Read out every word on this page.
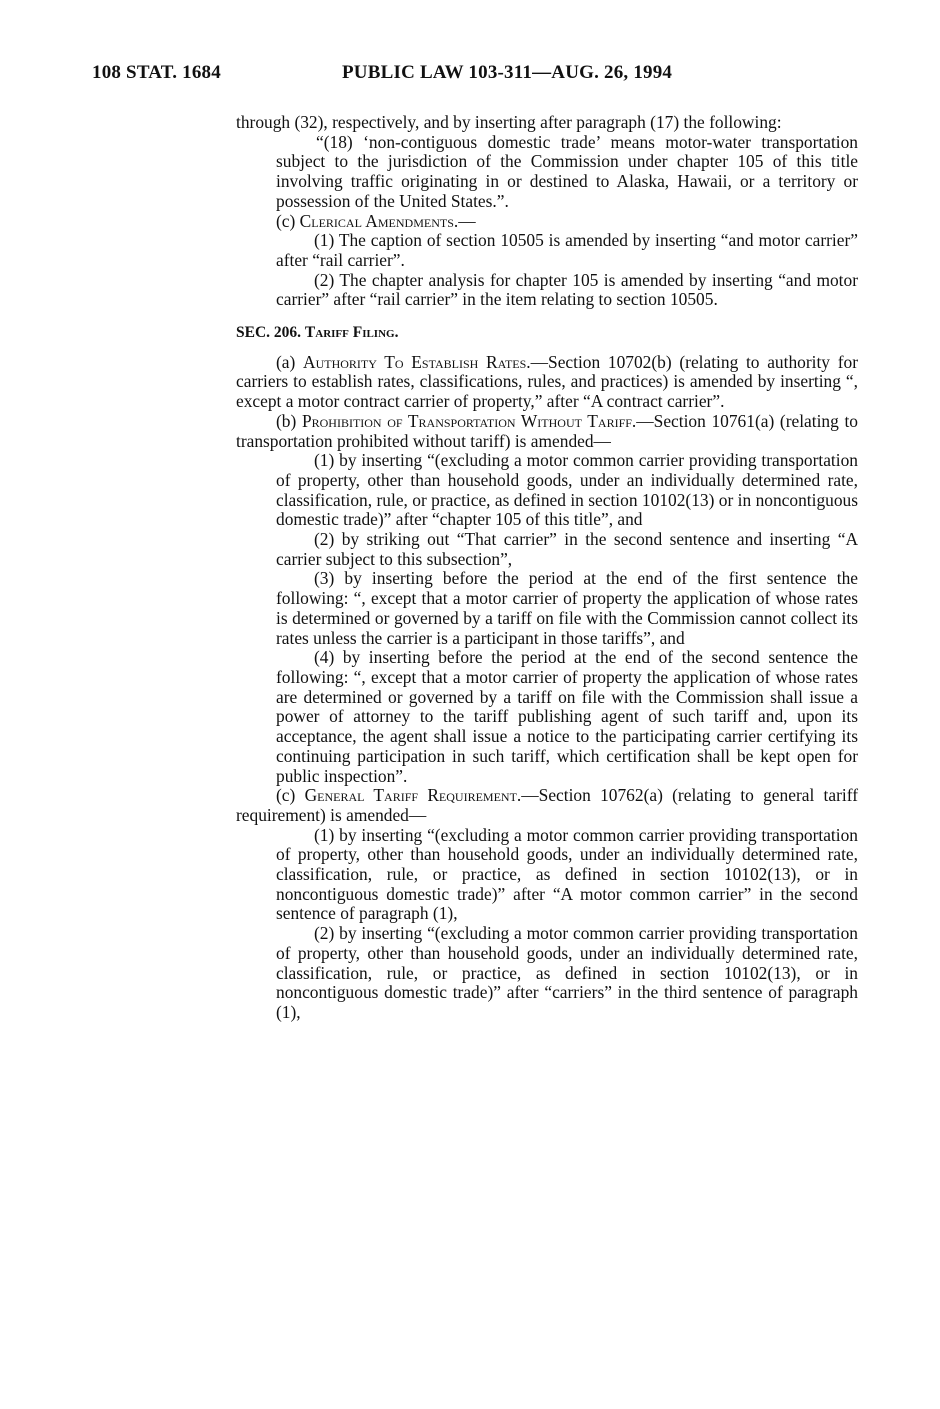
108 STAT. 1684	PUBLIC LAW 103-311—AUG. 26, 1994

through (32), respectively, and by inserting after paragraph (17) the following:

“(18) ‘non-contiguous domestic trade’ means motor-water transportation subject to the jurisdiction of the Commission under chapter 105 of this title involving traffic originating in or destined to Alaska, Hawaii, or a territory or possession of the United States.”.

(c) Clerical Amendments.—

(1) The caption of section 10505 is amended by inserting “and motor carrier” after “rail carrier”.

(2) The chapter analysis for chapter 105 is amended by inserting “and motor carrier” after “rail carrier” in the item relating to section 10505.

SEC. 206. Tariff Filing.

(a) Authority To Establish Rates.—Section 10702(b) (relating to authority for carriers to establish rates, classifications, rules, and practices) is amended by inserting “, except a motor contract carrier of property,” after “A contract carrier”.

(b) Prohibition of Transportation Without Tariff.—Section 10761(a) (relating to transportation prohibited without tariff) is amended—

(1) by inserting “(excluding a motor common carrier providing transportation of property, other than household goods, under an individually determined rate, classification, rule, or practice, as defined in section 10102(13) or in noncontiguous domestic trade)” after “chapter 105 of this title”, and

(2) by striking out “That carrier” in the second sentence and inserting “A carrier subject to this subsection”,

(3) by inserting before the period at the end of the first sentence the following: “, except that a motor carrier of property the application of whose rates is determined or governed by a tariff on file with the Commission cannot collect its rates unless the carrier is a participant in those tariffs”, and

(4) by inserting before the period at the end of the second sentence the following: “, except that a motor carrier of property the application of whose rates are determined or governed by a tariff on file with the Commission shall issue a power of attorney to the tariff publishing agent of such tariff and, upon its acceptance, the agent shall issue a notice to the participating carrier certifying its continuing participation in such tariff, which certification shall be kept open for public inspection”.

(c) General Tariff Requirement.—Section 10762(a) (relating to general tariff requirement) is amended—

(1) by inserting “(excluding a motor common carrier providing transportation of property, other than household goods, under an individually determined rate, classification, rule, or practice, as defined in section 10102(13), or in noncontiguous domestic trade)” after “A motor common carrier” in the second sentence of paragraph (1),

(2) by inserting “(excluding a motor common carrier providing transportation of property, other than household goods, under an individually determined rate, classification, rule, or practice, as defined in section 10102(13), or in noncontiguous domestic trade)” after “carriers” in the third sentence of paragraph (1),
